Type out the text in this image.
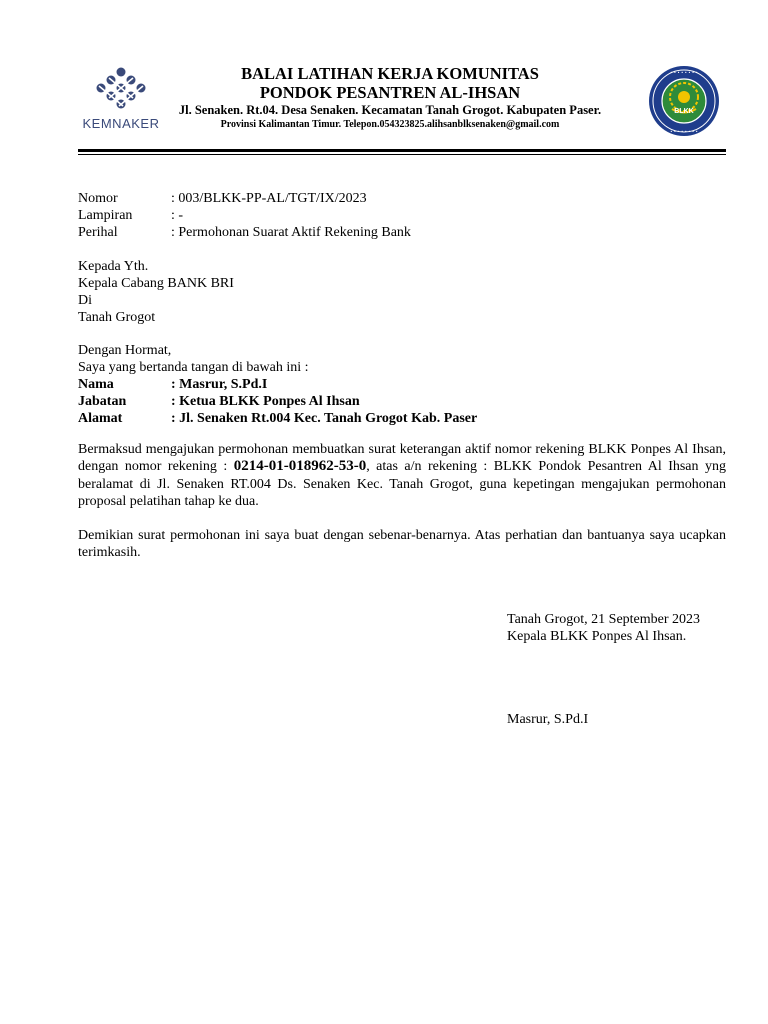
KEMNAKER
BALAI LATIHAN KERJA KOMUNITAS
PONDOK PESANTREN AL-IHSAN
Jl. Senaken. Rt.04. Desa Senaken. Kecamatan Tanah Grogot. Kabupaten Paser.
Provinsi Kalimantan Timur. Telepon.054323825.alihsanblksenaken@gmail.com
• • • • • • • •
• • • • • • • •
BLKK
Nomor	: 003/BLKK-PP-AL/TGT/IX/2023
Lampiran	: -
Perihal	: Permohonan Suarat Aktif Rekening Bank
Kepada Yth.
Kepala Cabang BANK BRI
Di
Tanah Grogot
Dengan Hormat,
Saya yang bertanda tangan di bawah ini :
Nama	: Masrur, S.Pd.I
Jabatan	: Ketua BLKK Ponpes Al Ihsan
Alamat	: Jl. Senaken Rt.004 Kec. Tanah Grogot Kab. Paser
Bermaksud mengajukan permohonan membuatkan surat keterangan aktif nomor rekening BLKK Ponpes Al Ihsan, dengan nomor rekening : 0214-01-018962-53-0, atas a/n rekening : BLKK Pondok Pesantren Al Ihsan yng beralamat di Jl. Senaken RT.004 Ds. Senaken Kec. Tanah Grogot, guna kepetingan mengajukan permohonan proposal pelatihan tahap ke dua.
Demikian surat permohonan ini saya buat dengan sebenar-benarnya. Atas perhatian dan bantuanya saya ucapkan terimkasih.
Tanah Grogot, 21 September 2023
Kepala BLKK Ponpes Al Ihsan.
Masrur, S.Pd.I
